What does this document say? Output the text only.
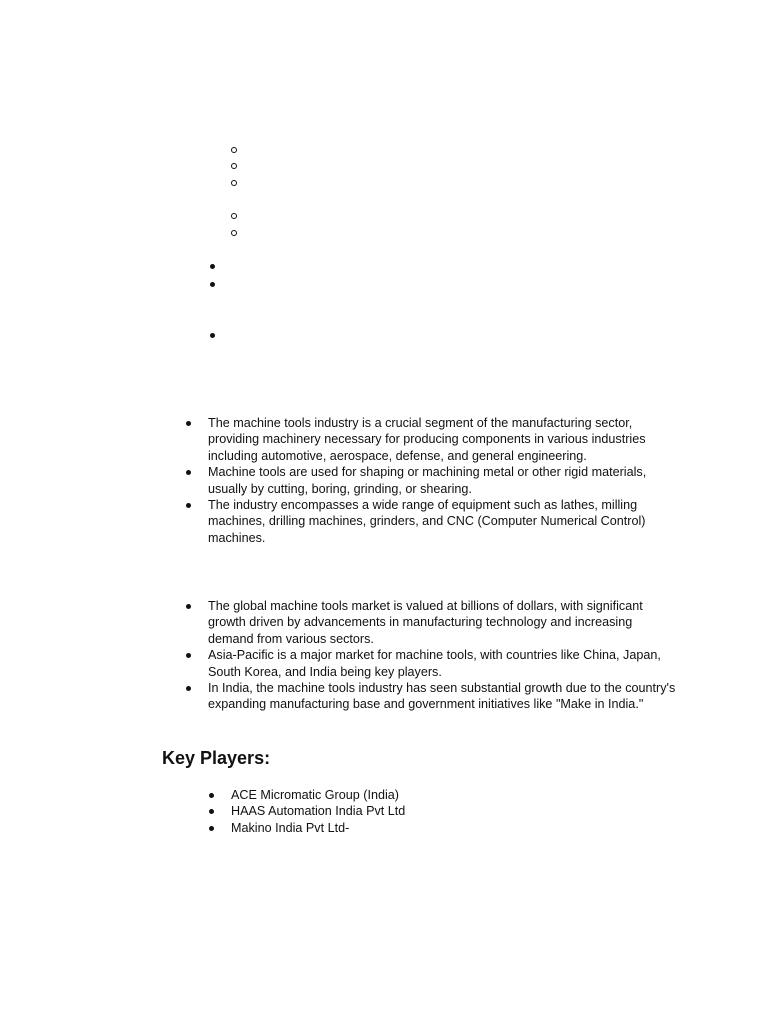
The machine tools industry is a crucial segment of the manufacturing sector, providing machinery necessary for producing components in various industries including automotive, aerospace, defense, and general engineering.
Machine tools are used for shaping or machining metal or other rigid materials, usually by cutting, boring, grinding, or shearing.
The industry encompasses a wide range of equipment such as lathes, milling machines, drilling machines, grinders, and CNC (Computer Numerical Control) machines.
The global machine tools market is valued at billions of dollars, with significant growth driven by advancements in manufacturing technology and increasing demand from various sectors.
Asia-Pacific is a major market for machine tools, with countries like China, Japan, South Korea, and India being key players.
In India, the machine tools industry has seen substantial growth due to the country's expanding manufacturing base and government initiatives like "Make in India."
Key Players:
ACE Micromatic Group (India)
HAAS Automation India Pvt Ltd
Makino India Pvt Ltd-
